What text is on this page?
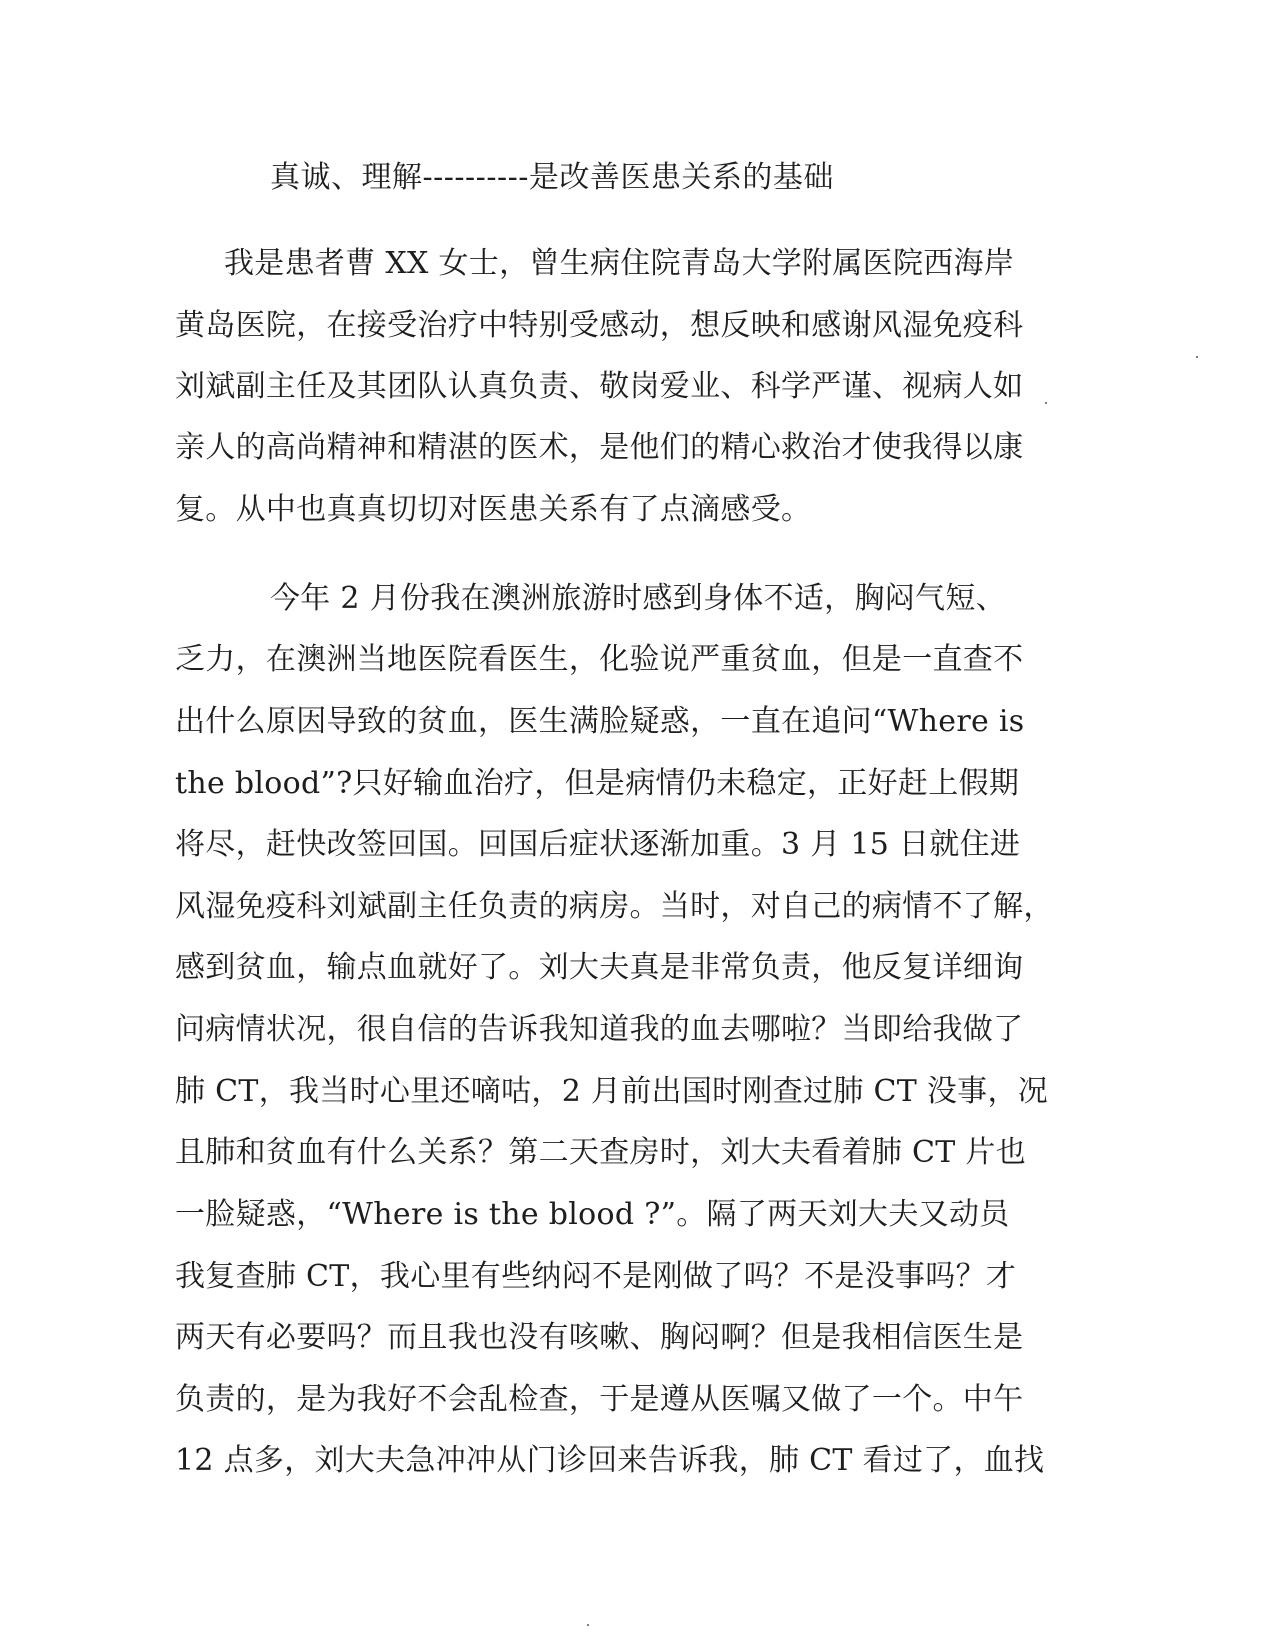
真诚、理解----------是改善医患关系的基础
我是患者曹 XX 女士，曾生病住院青岛大学附属医院西海岸
黄岛医院，在接受治疗中特别受感动，想反映和感谢风湿免疫科
刘斌副主任及其团队认真负责、敬岗爱业、科学严谨、视病人如
亲人的高尚精神和精湛的医术，是他们的精心救治才使我得以康
复。从中也真真切切对医患关系有了点滴感受。
今年 2 月份我在澳洲旅游时感到身体不适，胸闷气短、
乏力，在澳洲当地医院看医生，化验说严重贫血，但是一直查不
出什么原因导致的贫血，医生满脸疑惑，一直在追问“Where is
the blood”?只好输血治疗，但是病情仍未稳定，正好赶上假期
将尽，赶快改签回国。回国后症状逐渐加重。3 月 15 日就住进
风湿免疫科刘斌副主任负责的病房。当时，对自己的病情不了解，
感到贫血，输点血就好了。刘大夫真是非常负责，他反复详细询
问病情状况，很自信的告诉我知道我的血去哪啦？当即给我做了
肺 CT，我当时心里还嘀咕，2 月前出国时刚查过肺 CT 没事，况
且肺和贫血有什么关系？第二天查房时，刘大夫看着肺 CT 片也
一脸疑惑，“Where is the blood ?”。隔了两天刘大夫又动员
我复查肺 CT，我心里有些纳闷不是刚做了吗？不是没事吗？才
两天有必要吗？而且我也没有咳嗽、胸闷啊？但是我相信医生是
负责的，是为我好不会乱检查，于是遵从医嘱又做了一个。中午
12 点多，刘大夫急冲冲从门诊回来告诉我，肺 CT 看过了，血找
